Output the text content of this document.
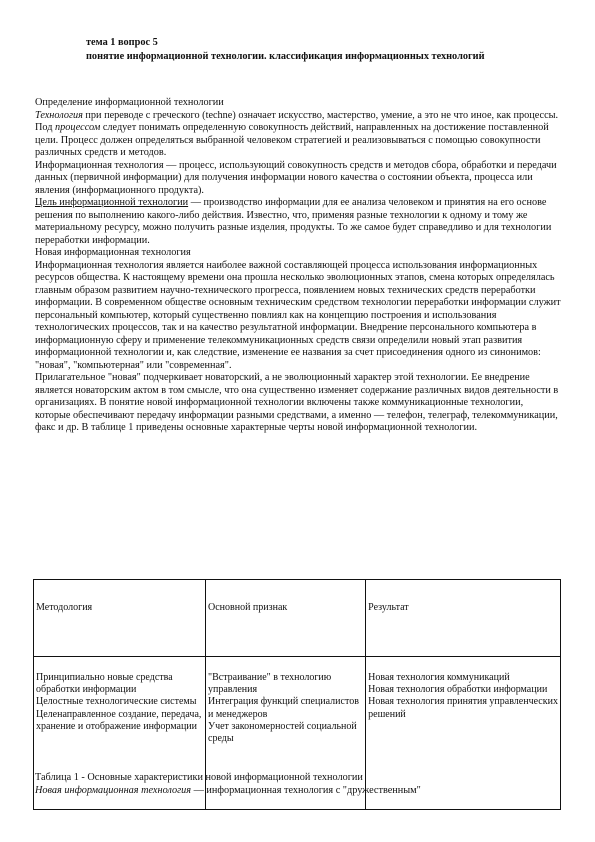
тема 1 вопрос 5
понятие информационной технологии. классификация информационных технологий

Определение информационной технологии

Технология при переводе с греческого (techne) означает искусство, мастерство, умение, а это не что иное, как процессы. Под процессом следует понимать определенную совокупность действий, направленных на достижение поставленной цели. Процесс должен определяться выбранной человеком стратегией и реализовываться с помощью совокупности различных средств и методов.

Информационная технология — процесс, использующий совокупность средств и методов сбора, обработки и передачи данных (первичной информации) для получения информации нового качества о состоянии объекта, процесса или явления (информационного продукта).

Цель информационной технологии — производство информации для ее анализа человеком и принятия на его основе решения по выполнению какого-либо действия. Известно, что, применяя разные технологии к одному и тому же материальному ресурсу, можно получить разные изделия, продукты. То же самое будет справедливо и для технологии переработки информации.

Новая информационная технология

Информационная технология является наиболее важной составляющей процесса использования информационных ресурсов общества. К настоящему времени она прошла несколько эволюционных этапов, смена которых определялась главным образом развитием научно-технического прогресса, появлением новых технических средств переработки информации. В современном обществе основным техническим средством технологии переработки информации служит персональный компьютер, который существенно повлиял как на концепцию построения и использования технологических процессов, так и на качество результатной информации. Внедрение персонального компьютера в информационную сферу и применение телекоммуникационных средств связи определили новый этап развития информационной технологии и, как следствие, изменение ее названия за счет присоединения одного из синонимов: "новая", "компьютерная" или "современная".

Прилагательное "новая" подчеркивает новаторский, а не эволюционный характер этой технологии. Ее внедрение является новаторским актом в том смысле, что она существенно изменяет содержание различных видов деятельности в организациях. В понятие новой информационной технологии включены также коммуникационные технологии, которые обеспечивают передачу информации разными средствами, а именно — телефон, телеграф, телекоммуникации, факс и др. В таблице 1 приведены основные характерные черты новой информационной технологии.

Методология	Основной признак	Результат

Принципиально новые средства обработки информации
Целостные технологические системы
Целенаправленное создание, передача, хранение и отображение информации	"Встраивание" в технологию управления
Интеграция функций специалистов и менеджеров
Учет закономерностей социальной среды	Новая технология коммуникаций
Новая технология обработки информации
Новая технология принятия управленческих решений

Таблица 1 - Основные характеристики новой информационной технологии

Новая информационная технология — информационная технология с "дружественным"
